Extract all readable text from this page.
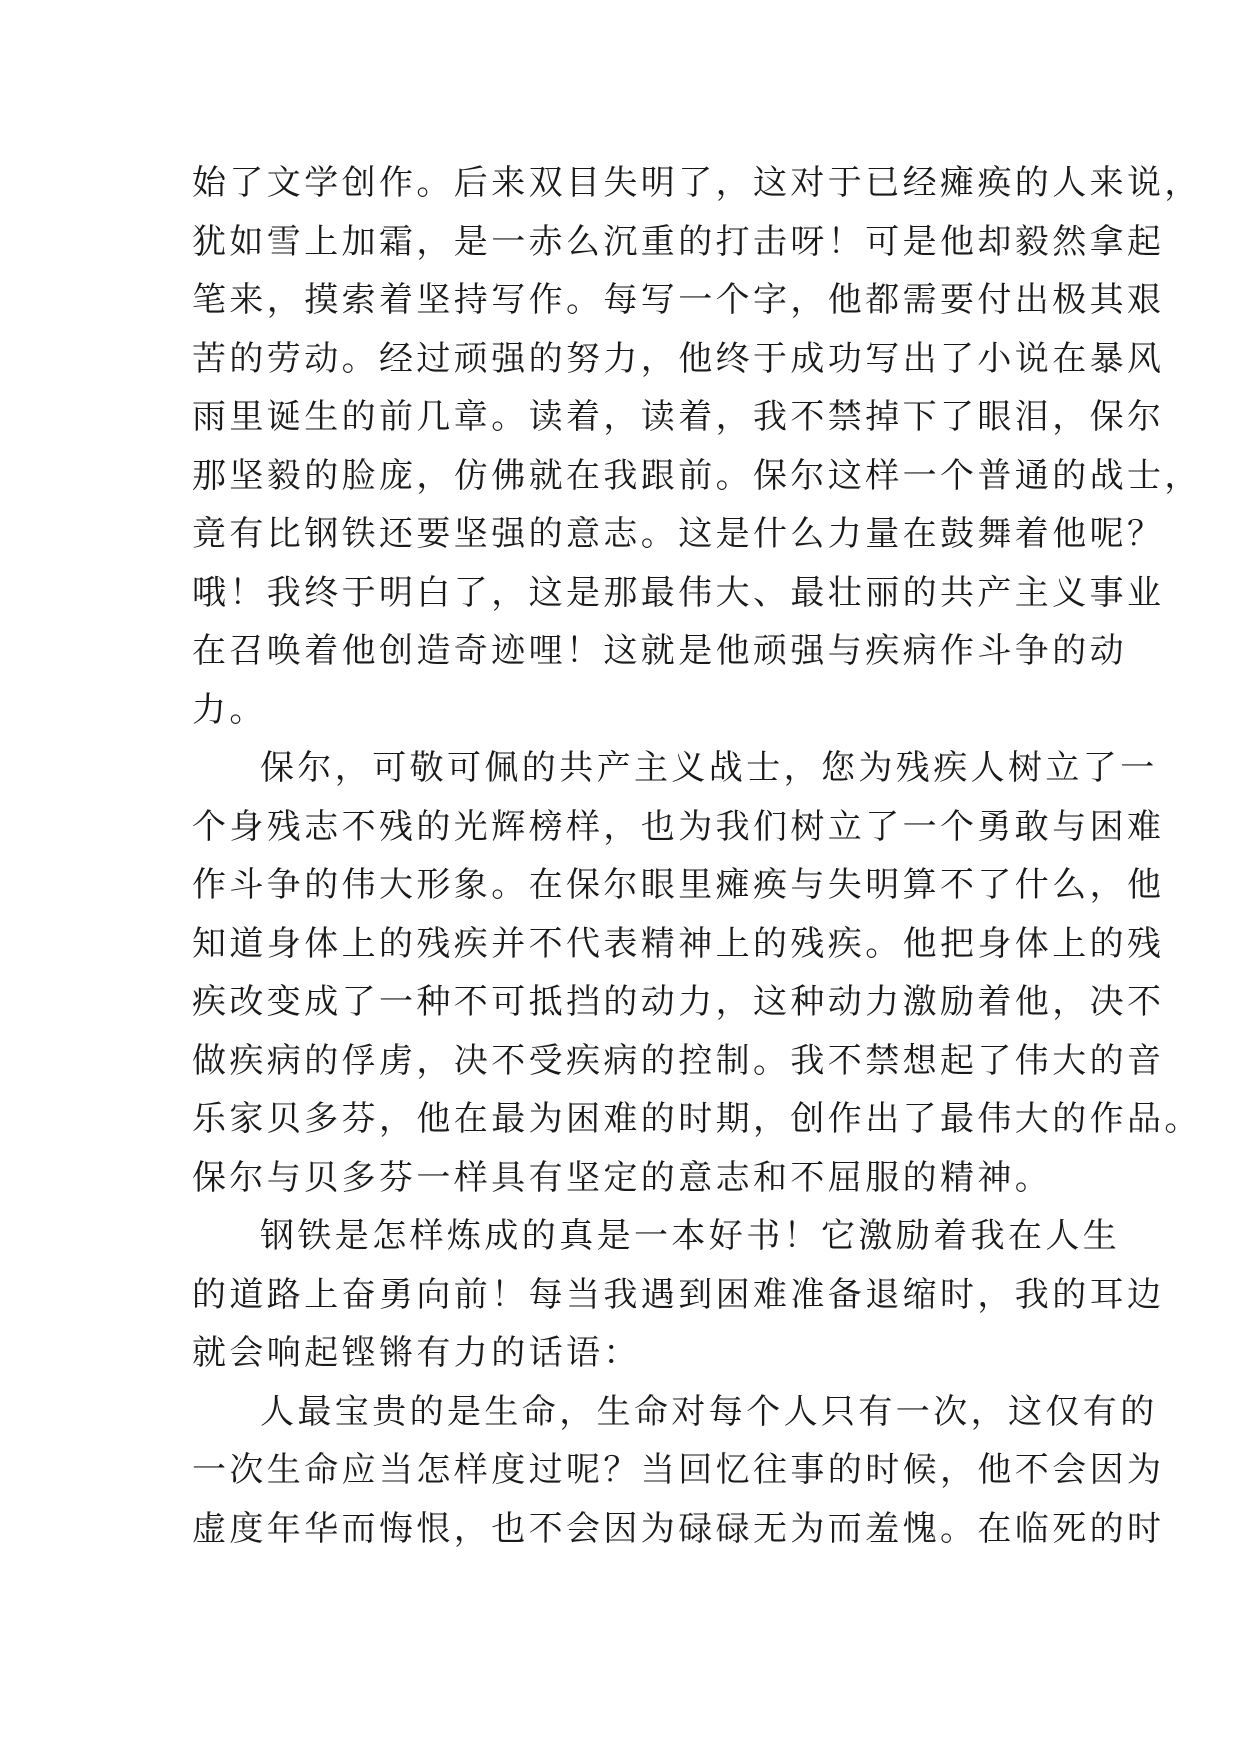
始了文学创作。后来双目失明了，这对于已经瘫痪的人来说，
犹如雪上加霜，是一赤么沉重的打击呀！可是他却毅然拿起
笔来，摸索着坚持写作。每写一个字，他都需要付出极其艰
苦的劳动。经过顽强的努力，他终于成功写出了小说在暴风
雨里诞生的前几章。读着，读着，我不禁掉下了眼泪，保尔
那坚毅的脸庞，仿佛就在我跟前。保尔这样一个普通的战士，
竟有比钢铁还要坚强的意志。这是什么力量在鼓舞着他呢？
哦！我终于明白了，这是那最伟大、最壮丽的共产主义事业
在召唤着他创造奇迹哩！这就是他顽强与疾病作斗争的动
力。
保尔，可敬可佩的共产主义战士，您为残疾人树立了一
个身残志不残的光辉榜样，也为我们树立了一个勇敢与困难
作斗争的伟大形象。在保尔眼里瘫痪与失明算不了什么，他
知道身体上的残疾并不代表精神上的残疾。他把身体上的残
疾改变成了一种不可抵挡的动力，这种动力激励着他，决不
做疾病的俘虏，决不受疾病的控制。我不禁想起了伟大的音
乐家贝多芬，他在最为困难的时期，创作出了最伟大的作品。
保尔与贝多芬一样具有坚定的意志和不屈服的精神。
钢铁是怎样炼成的真是一本好书！它激励着我在人生
的道路上奋勇向前！每当我遇到困难准备退缩时，我的耳边
就会响起铿锵有力的话语：
人最宝贵的是生命，生命对每个人只有一次，这仅有的
一次生命应当怎样度过呢？当回忆往事的时候，他不会因为
虚度年华而悔恨，也不会因为碌碌无为而羞愧。在临死的时
